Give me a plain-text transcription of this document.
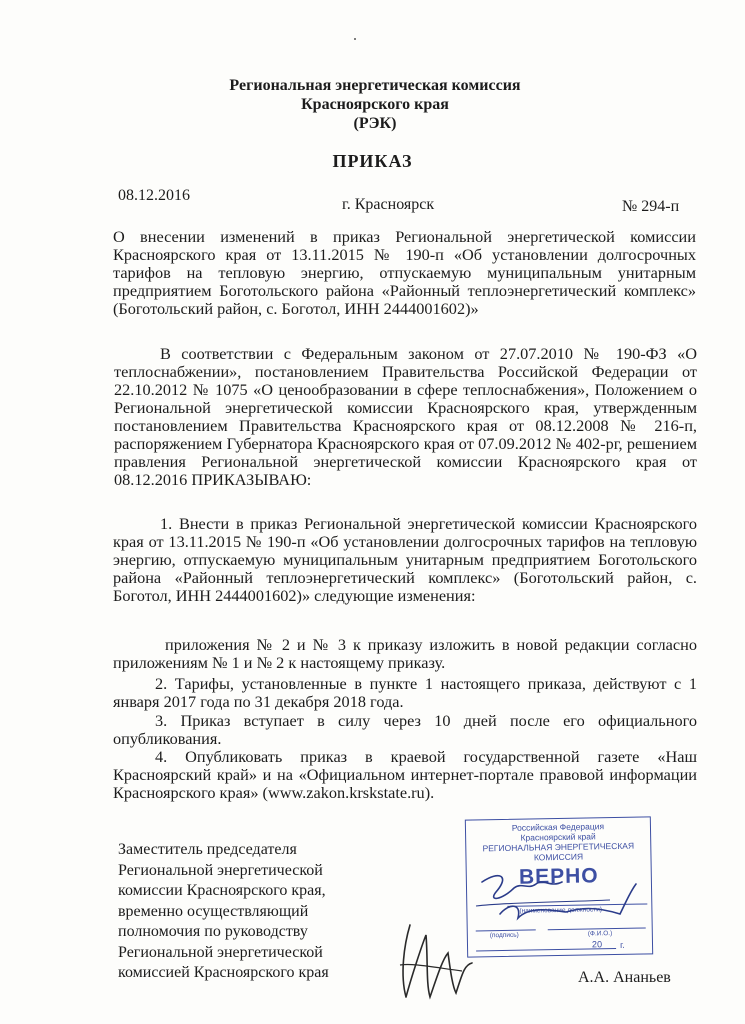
Региональная энергетическая комиссия
Красноярского края
(РЭК)
ПРИКАЗ
08.12.2016
г. Красноярск	№ 294-п
О внесении изменений в приказ Региональной энергетической комиссии Красноярского края от 13.11.2015 № 190-п «Об установлении долгосрочных тарифов на тепловую энергию, отпускаемую муниципальным унитарным предприятием Боготольского района «Районный теплоэнергетический комплекс» (Боготольский район, с. Боготол, ИНН 2444001602)»
В соответствии с Федеральным законом от 27.07.2010 № 190-ФЗ «О теплоснабжении», постановлением Правительства Российской Федерации от 22.10.2012 № 1075 «О ценообразовании в сфере теплоснабжения», Положением о Региональной энергетической комиссии Красноярского края, утвержденным постановлением Правительства Красноярского края от 08.12.2008 № 216-п, распоряжением Губернатора Красноярского края от 07.09.2012 № 402-рг, решением правления Региональной энергетической комиссии Красноярского края от 08.12.2016 ПРИКАЗЫВАЮ:
1. Внести в приказ Региональной энергетической комиссии Красноярского края от 13.11.2015 № 190-п «Об установлении долгосрочных тарифов на тепловую энергию, отпускаемую муниципальным унитарным предприятием Боготольского района «Районный теплоэнергетический комплекс» (Боготольский район, с. Боготол, ИНН 2444001602)» следующие изменения:
приложения № 2 и № 3 к приказу изложить в новой редакции согласно приложениям № 1 и № 2 к настоящему приказу.
2. Тарифы, установленные в пункте 1 настоящего приказа, действуют с 1 января 2017 года по 31 декабря 2018 года.
3. Приказ вступает в силу через 10 дней после его официального опубликования.
4. Опубликовать приказ в краевой государственной газете «Наш Красноярский край» и на «Официальном интернет-портале правовой информации Красноярского края» (www.zakon.krskstate.ru).
Заместитель председателя
Региональной энергетической
комиссии Красноярского края,
временно осуществляющий
полномочия по руководству
Региональной энергетической
комиссией Красноярского края
Российская Федерация
Красноярский край
РЕГИОНАЛЬНАЯ ЭНЕРГЕТИЧЕСКАЯ
КОМИССИЯ
ВЕРНО
(наименование должности)
(подпись)	(Ф.И.О.)
20 г.
А.А. Ананьев
